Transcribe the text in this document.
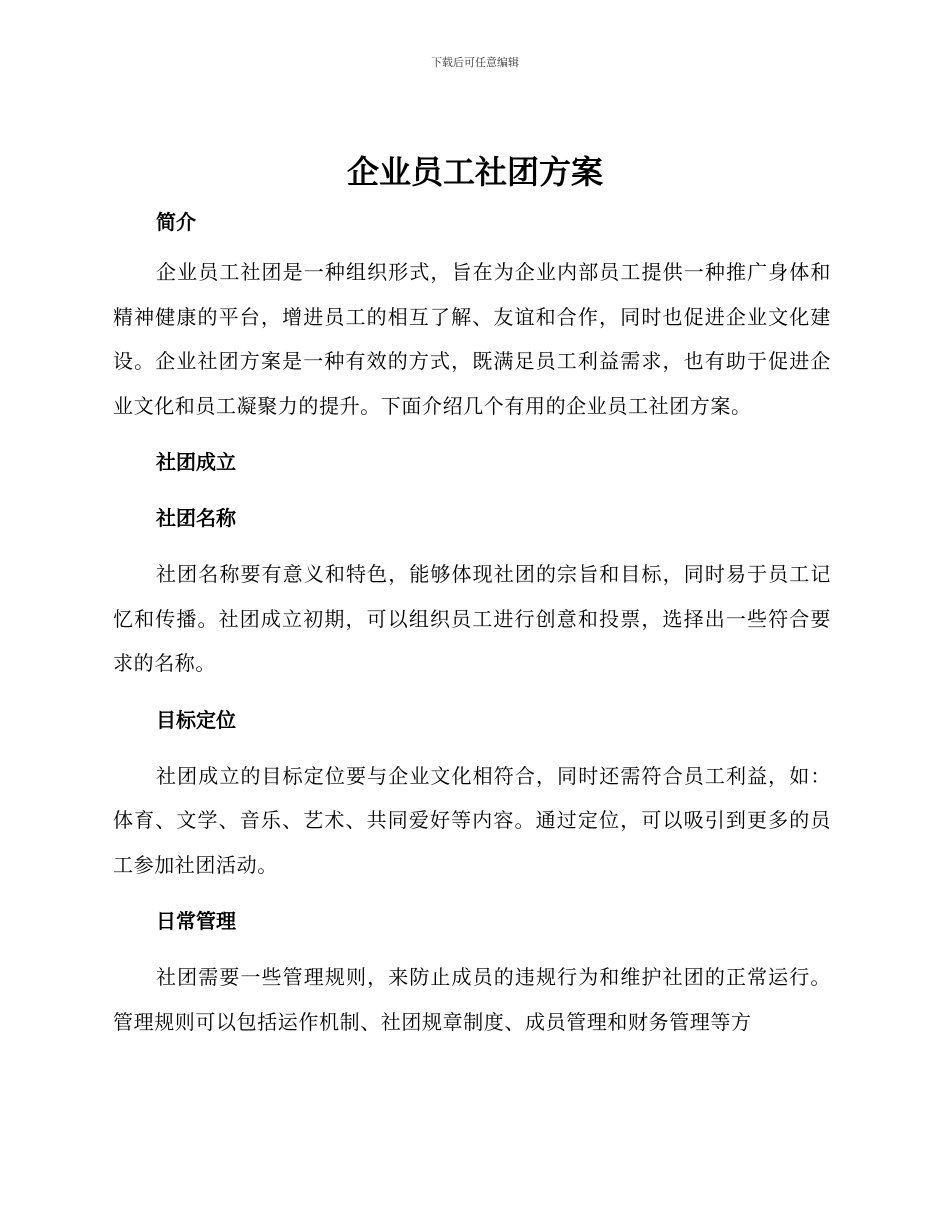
下载后可任意编辑
企业员工社团方案
简介

企业员工社团是一种组织形式，旨在为企业内部员工提供一种推广身体和精神健康的平台，增进员工的相互了解、友谊和合作，同时也促进企业文化建设。企业社团方案是一种有效的方式，既满足员工利益需求，也有助于促进企业文化和员工凝聚力的提升。下面介绍几个有用的企业员工社团方案。

社团成立
社团名称

社团名称要有意义和特色，能够体现社团的宗旨和目标，同时易于员工记忆和传播。社团成立初期，可以组织员工进行创意和投票，选择出一些符合要求的名称。

目标定位

社团成立的目标定位要与企业文化相符合，同时还需符合员工利益，如：体育、文学、音乐、艺术、共同爱好等内容。通过定位，可以吸引到更多的员工参加社团活动。

日常管理

社团需要一些管理规则，来防止成员的违规行为和维护社团的正常运行。管理规则可以包括运作机制、社团规章制度、成员管理和财务管理等方
